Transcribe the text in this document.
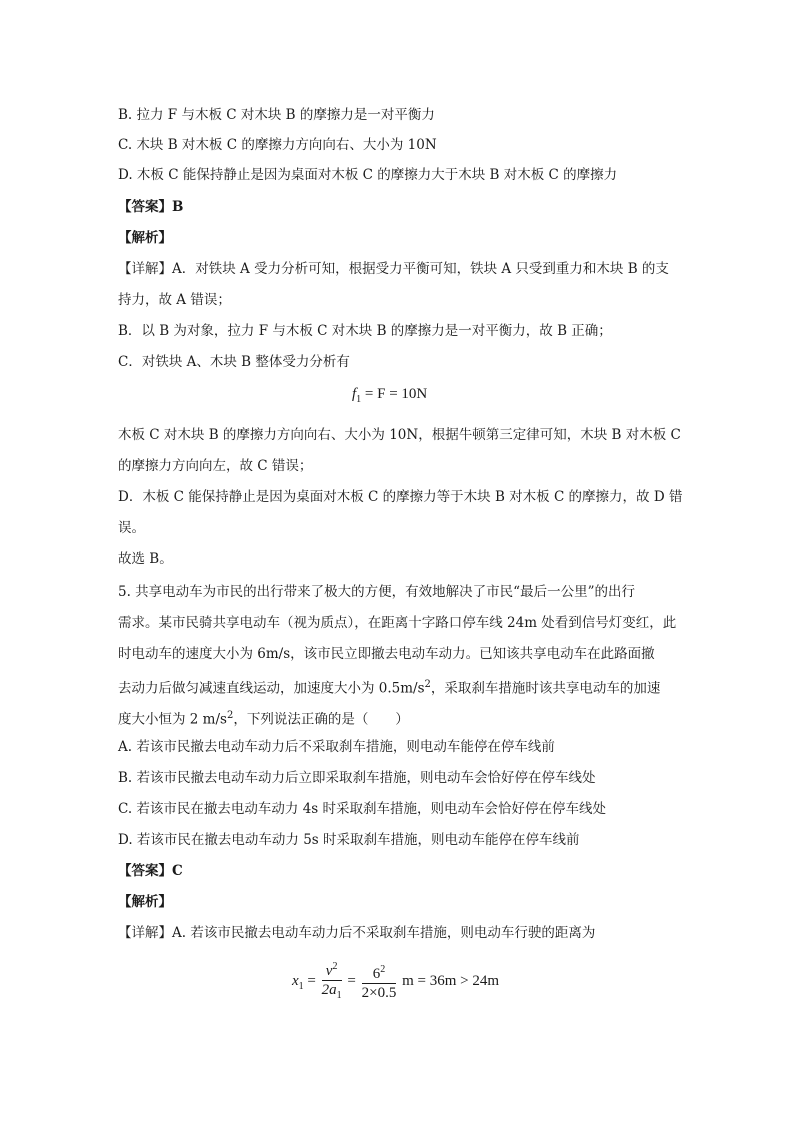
B. 拉力 F 与木板 C 对木块 B 的摩擦力是一对平衡力
C. 木块 B 对木板 C 的摩擦力方向向右、大小为 10N
D. 木板 C 能保持静止是因为桌面对木板 C 的摩擦力大于木块 B 对木板 C 的摩擦力
【答案】B
【解析】
【详解】A．对铁块 A 受力分析可知，根据受力平衡可知，铁块 A 只受到重力和木块 B 的支
持力，故 A 错误；
B．以 B 为对象，拉力 F 与木板 C 对木块 B 的摩擦力是一对平衡力，故 B 正确；
C．对铁块 A、木块 B 整体受力分析有
$f_1 = F = 10N$
木板 C 对木块 B 的摩擦力方向向右、大小为 10N，根据牛顿第三定律可知，木块 B 对木板 C
的摩擦力方向向左，故 C 错误；
D．木板 C 能保持静止是因为桌面对木板 C 的摩擦力等于木块 B 对木板 C 的摩擦力，故 D 错
误。
故选 B。
5. 共享电动车为市民的出行带来了极大的方便，有效地解决了市民“最后一公里”的出行
需求。某市民骑共享电动车（视为质点），在距离十字路口停车线 24m 处看到信号灯变红，此
时电动车的速度大小为 6m/s，该市民立即撤去电动车动力。已知该共享电动车在此路面撤
去动力后做匀减速直线运动，加速度大小为 $0.5m/s^2$，采取刹车措施时该共享电动车的加速
度大小恒为 2 $m/s^2$，下列说法正确的是（　　）
A. 若该市民撤去电动车动力后不采取刹车措施，则电动车能停在停车线前
B. 若该市民撤去电动车动力后立即采取刹车措施，则电动车会恰好停在停车线处
C. 若该市民在撤去电动车动力 4s 时采取刹车措施，则电动车会恰好停在停车线处
D. 若该市民在撤去电动车动力 5s 时采取刹车措施，则电动车能停在停车线前
【答案】C
【解析】
【详解】A. 若该市民撤去电动车动力后不采取刹车措施，则电动车行驶的距离为
$x_1 = \frac{v^2}{2a_1} = \frac{6^2}{2\times 0.5}$ m = 36m > 24m
